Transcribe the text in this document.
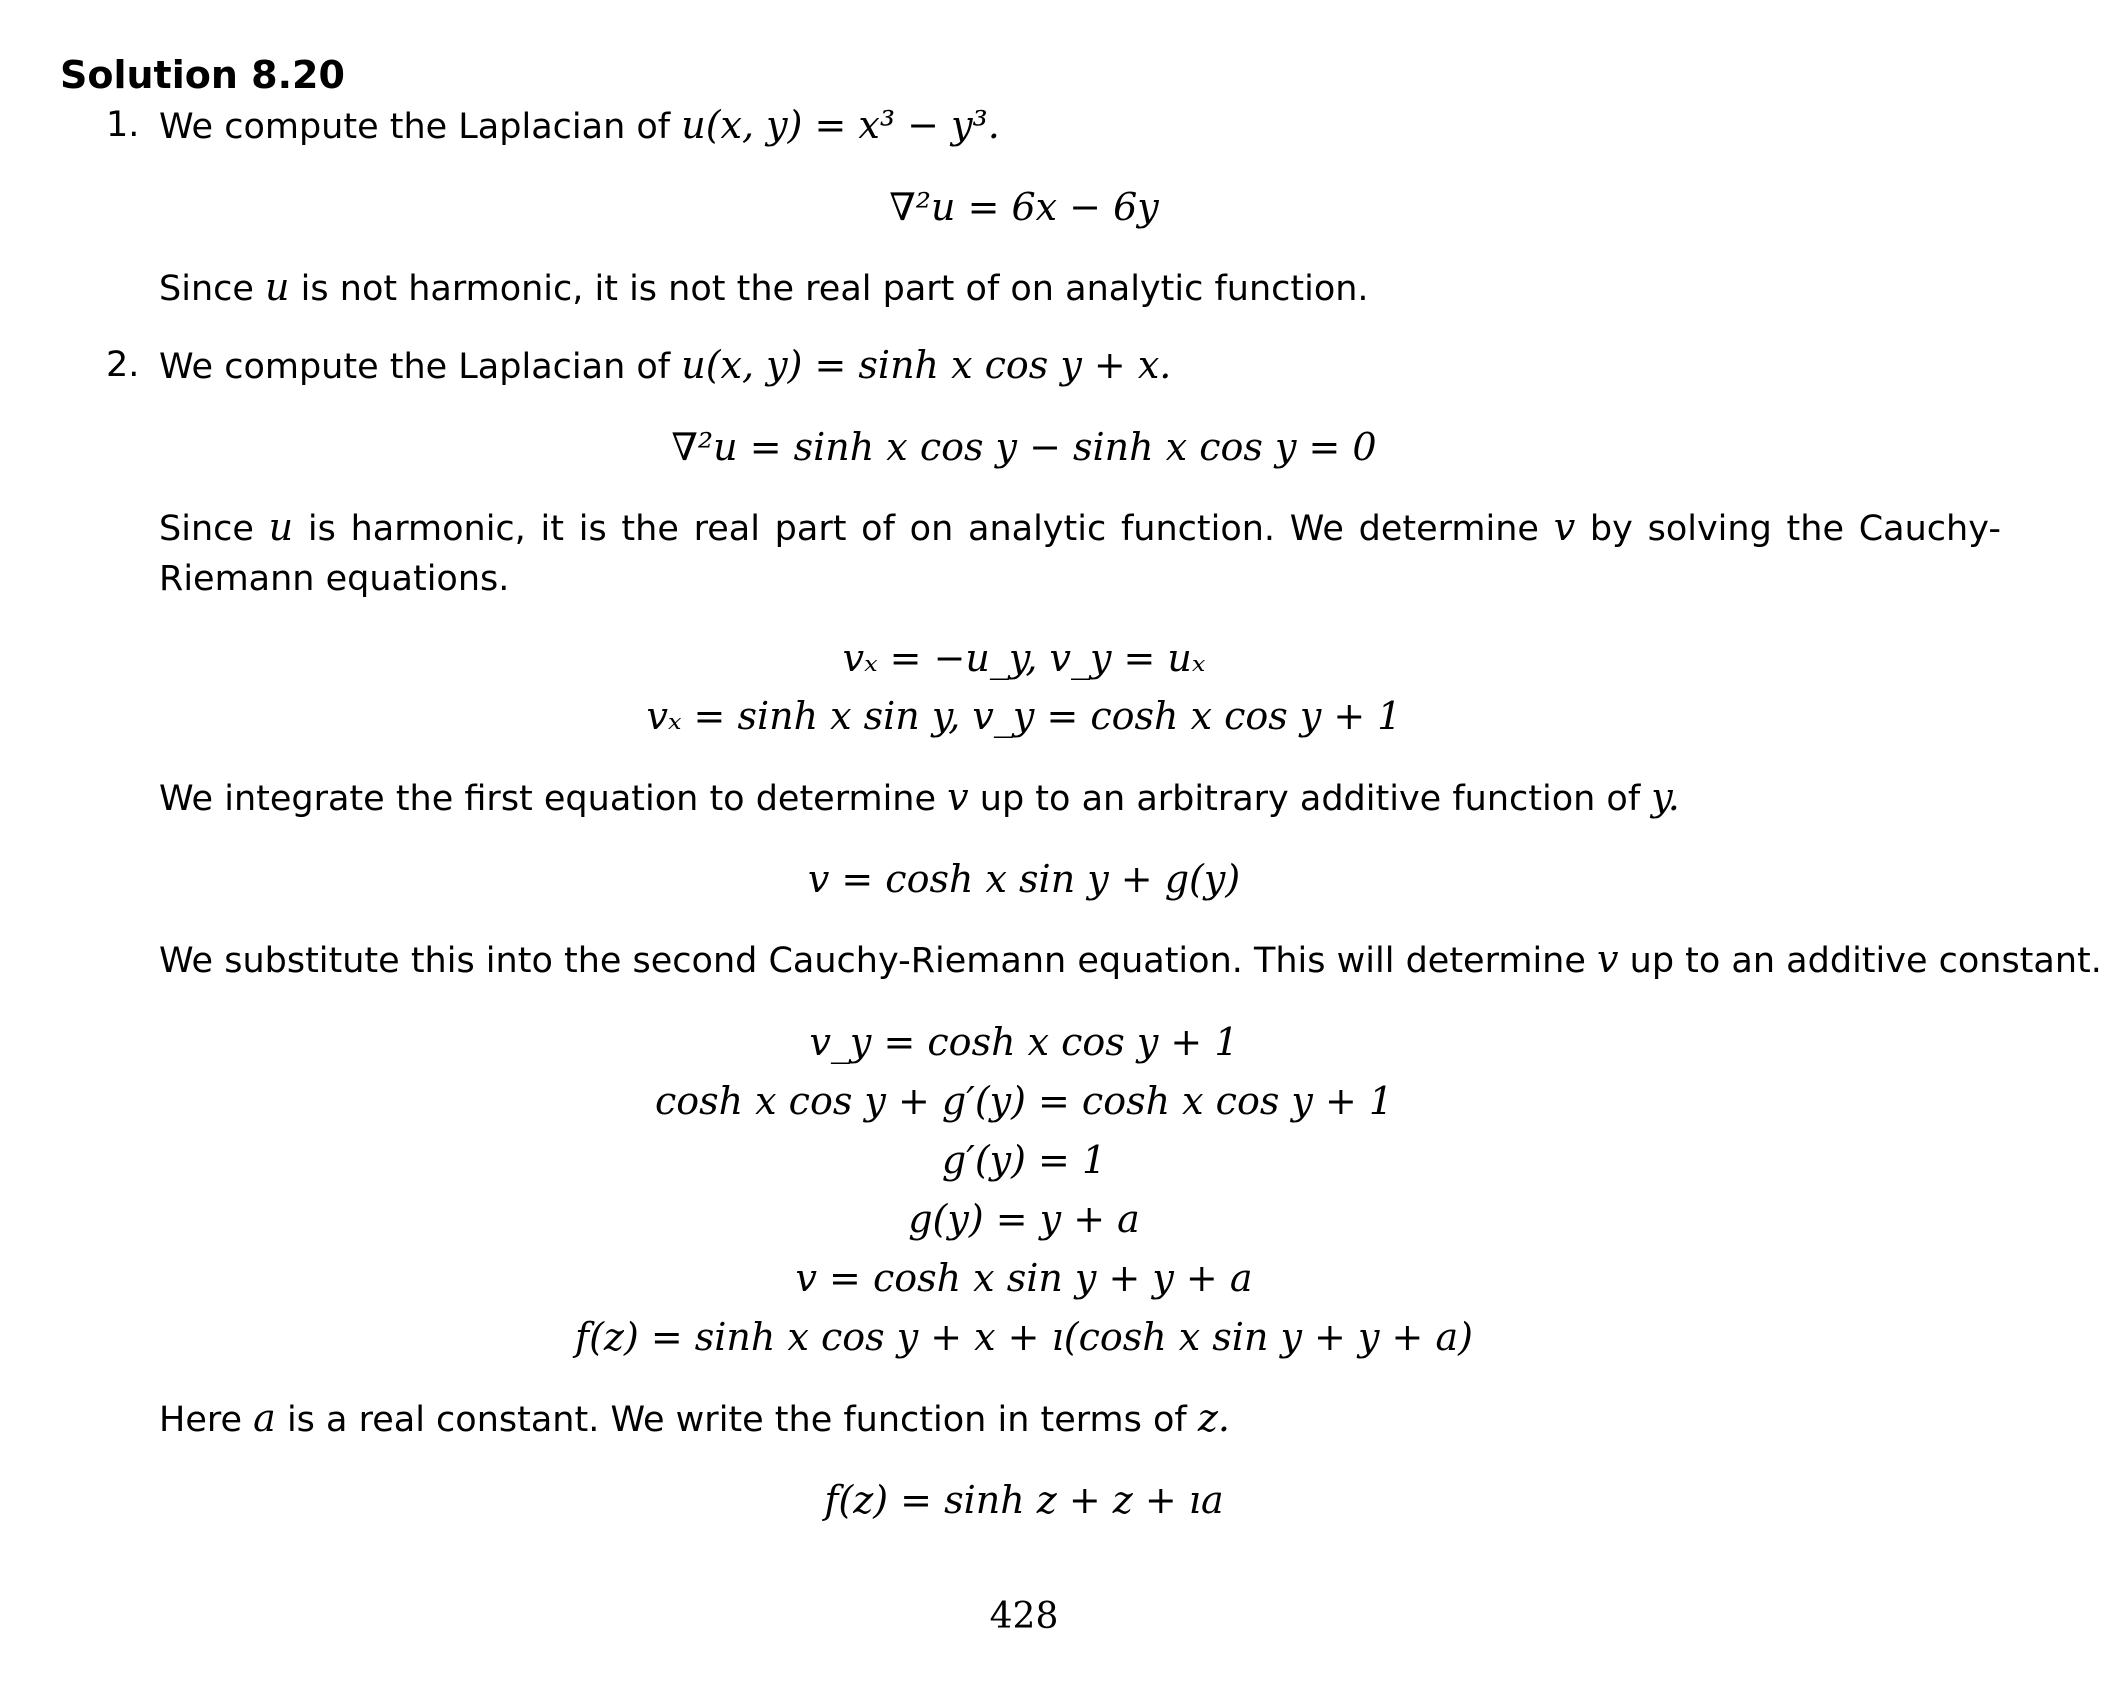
Solution 8.20
1. We compute the Laplacian of u(x, y) = x³ − y³.
∇²u = 6x − 6y
Since u is not harmonic, it is not the real part of on analytic function.
2. We compute the Laplacian of u(x, y) = sinh x cos y + x.
∇²u = sinh x cos y − sinh x cos y = 0
Since u is harmonic, it is the real part of on analytic function. We determine v by solving the Cauchy-Riemann equations.
vₓ = −u_y, v_y = uₓ
vₓ = sinh x sin y, v_y = cosh x cos y + 1
We integrate the first equation to determine v up to an arbitrary additive function of y.
v = cosh x sin y + g(y)
We substitute this into the second Cauchy-Riemann equation. This will determine v up to an additive constant.
v_y = cosh x cos y + 1
cosh x cos y + g′(y) = cosh x cos y + 1
g′(y) = 1
g(y) = y + a
v = cosh x sin y + y + a
f(z) = sinh x cos y + x + ı(cosh x sin y + y + a)
Here a is a real constant. We write the function in terms of z.
f(z) = sinh z + z + ıa
428
